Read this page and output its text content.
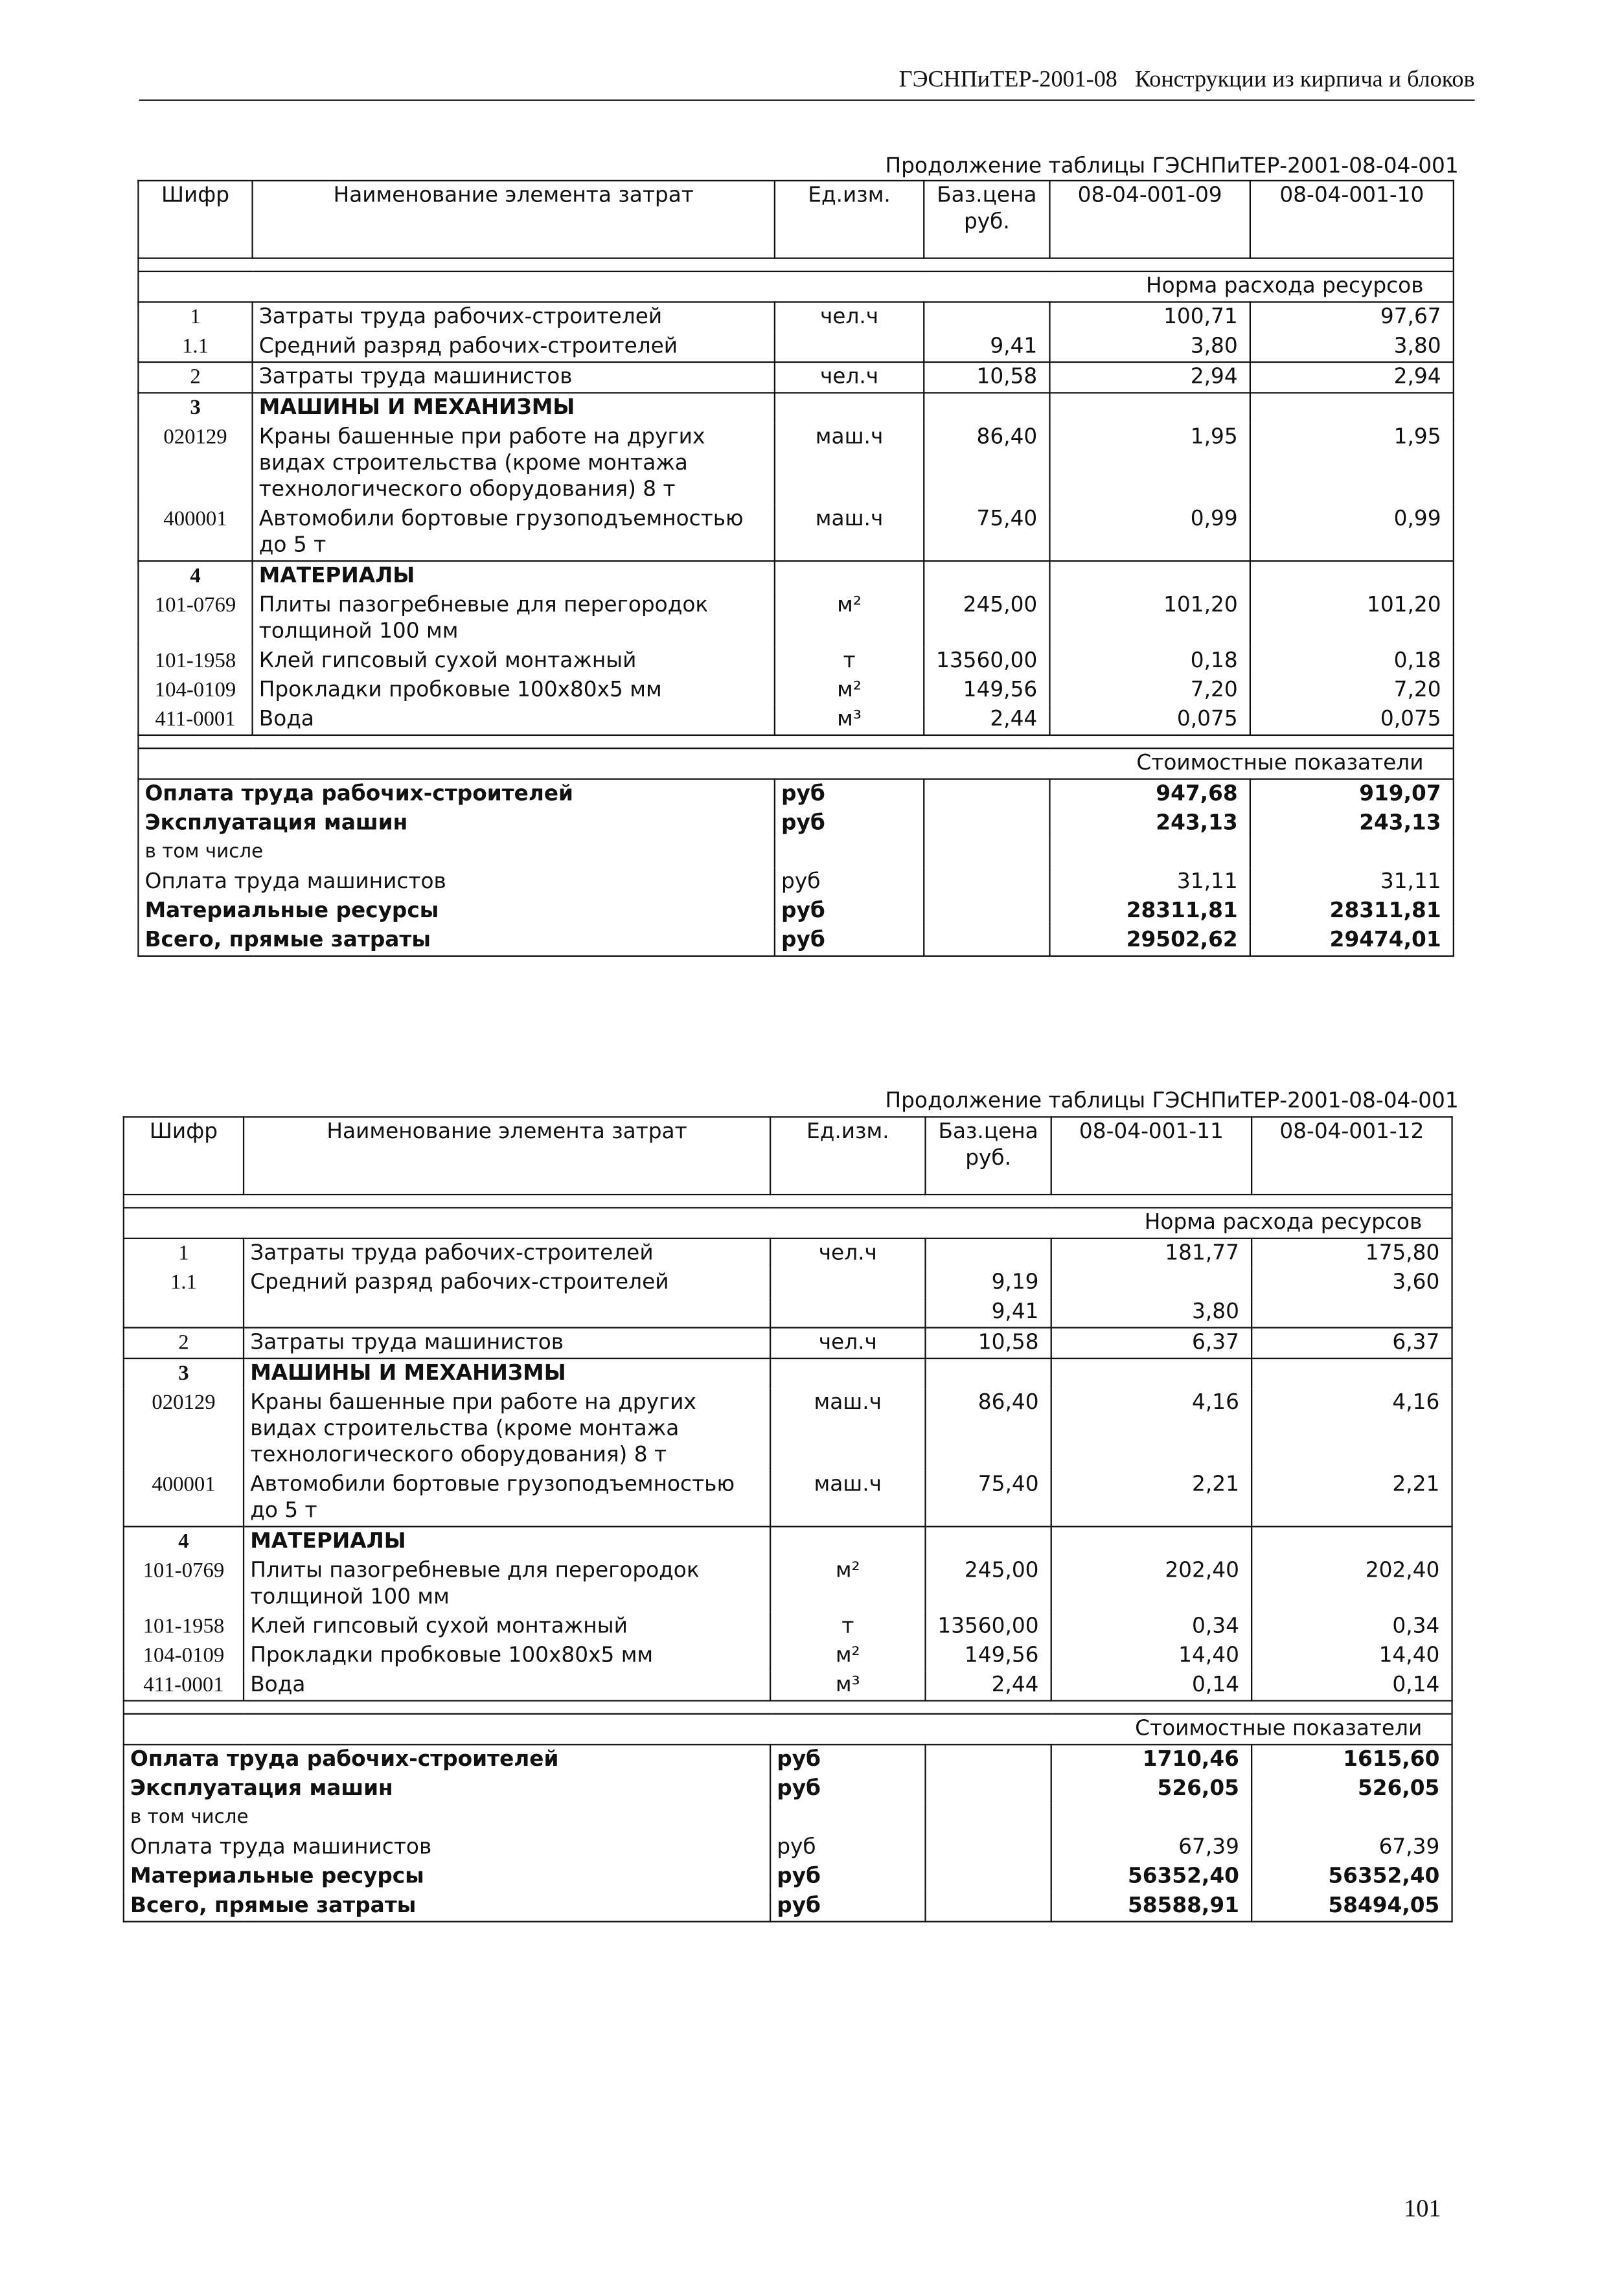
ГЭСНПиТЕР-2001-08 Конструкции из кирпича и блоков
Продолжение таблицы ГЭСНПиТЕР-2001-08-04-001
Шифр	Наименование элемента затрат	Ед.изм.	Баз.цена руб.	08-04-001-09	08-04-001-10

Норма расхода ресурсов					
1	Затраты труда рабочих-строителей	чел.ч		100,71	97,67
1.1	Средний разряд рабочих-строителей		9,41	3,80	3,80
2	Затраты труда машинистов	чел.ч	10,58	2,94	2,94
3	МАШИНЫ И МЕХАНИЗМЫ				
020129	Краны башенные при работе на других видах строительства (кроме монтажа технологического оборудования) 8 т	маш.ч	86,40	1,95	1,95
400001	Автомобили бортовые грузоподъемностью до 5 т	маш.ч	75,40	0,99	0,99
4	МАТЕРИАЛЫ				
101-0769	Плиты пазогребневые для перегородок толщиной 100 мм	м²	245,00	101,20	101,20
101-1958	Клей гипсовый сухой монтажный	т	13560,00	0,18	0,18
104-0109	Прокладки пробковые 100х80х5 мм	м²	149,56	7,20	7,20
411-0001	Вода	м³	2,44	0,075	0,075

Стоимостные показатели					
Оплата труда рабочих-строителей		руб		947,68	919,07
Эксплуатация машин		руб		243,13	243,13
в том числе					
Оплата труда машинистов		руб		31,11	31,11
Материальные ресурсы		руб		28311,81	28311,81
Всего, прямые затраты		руб		29502,62	29474,01
Продолжение таблицы ГЭСНПиТЕР-2001-08-04-001
Шифр	Наименование элемента затрат	Ед.изм.	Баз.цена руб.	08-04-001-11	08-04-001-12

Норма расхода ресурсов					
1	Затраты труда рабочих-строителей	чел.ч		181,77	175,80
1.1	Средний разряд рабочих-строителей		9,19		3,60
			9,41	3,80	
2	Затраты труда машинистов	чел.ч	10,58	6,37	6,37
3	МАШИНЫ И МЕХАНИЗМЫ				
020129	Краны башенные при работе на других видах строительства (кроме монтажа технологического оборудования) 8 т	маш.ч	86,40	4,16	4,16
400001	Автомобили бортовые грузоподъемностью до 5 т	маш.ч	75,40	2,21	2,21
4	МАТЕРИАЛЫ				
101-0769	Плиты пазогребневые для перегородок толщиной 100 мм	м²	245,00	202,40	202,40
101-1958	Клей гипсовый сухой монтажный	т	13560,00	0,34	0,34
104-0109	Прокладки пробковые 100х80х5 мм	м²	149,56	14,40	14,40
411-0001	Вода	м³	2,44	0,14	0,14

Стоимостные показатели					
Оплата труда рабочих-строителей		руб		1710,46	1615,60
Эксплуатация машин		руб		526,05	526,05
в том числе					
Оплата труда машинистов		руб		67,39	67,39
Материальные ресурсы		руб		56352,40	56352,40
Всего, прямые затраты		руб		58588,91	58494,05
101
